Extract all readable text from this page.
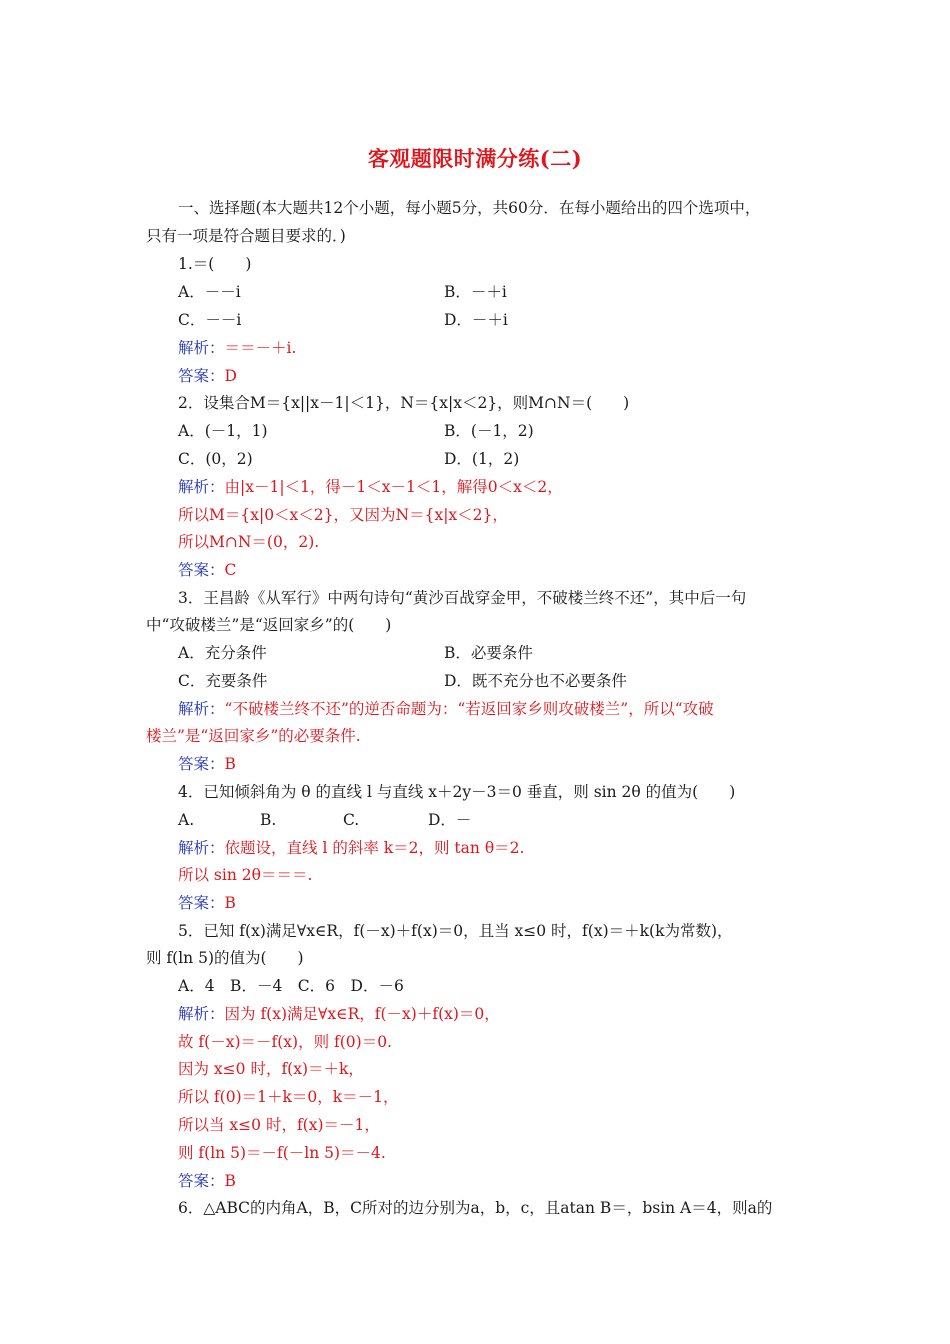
客观题限时满分练(二)
一、选择题(本大题共12个小题，每小题5分，共60分．在每小题给出的四个选项中，
只有一项是符合题目要求的．)
1.＝(　　)
A．－－i	B．－＋i
C．－－i	D．－＋i
解析：＝＝－＋i.
答案：D
2．设集合M＝{x||x－1|＜1}，N＝{x|x＜2}，则M∩N＝(　　)
A．(－1，1)	B．(－1，2)
C．(0，2)	D．(1，2)
解析：由|x－1|＜1，得－1＜x－1＜1，解得0＜x＜2，
所以M＝{x|0＜x＜2}，又因为N＝{x|x＜2}，
所以M∩N＝(0，2).
答案：C
3．王昌龄《从军行》中两句诗句“黄沙百战穿金甲，不破楼兰终不还”，其中后一句
中“攻破楼兰”是“返回家乡”的(　　)
A．充分条件	B．必要条件
C．充要条件	D．既不充分也不必要条件
解析：“不破楼兰终不还”的逆否命题为：“若返回家乡则攻破楼兰”，所以“攻破
楼兰”是“返回家乡”的必要条件.
答案：B
4．已知倾斜角为 θ 的直线 l 与直线 x＋2y－3＝0 垂直，则 sin 2θ 的值为(　　)
A.	B.	C.	D．－
解析：依题设，直线 l 的斜率 k＝2，则 tan θ＝2.
所以 sin 2θ＝＝＝.
答案：B
5．已知 f(x)满足∀x∈R，f(－x)＋f(x)＝0，且当 x≤0 时，f(x)＝＋k(k为常数)，
则 f(ln 5)的值为(　　)
A．4　B．－4　C．6　D．－6
解析：因为 f(x)满足∀x∈R，f(－x)＋f(x)＝0，
故 f(－x)＝－f(x)，则 f(0)＝0.
因为 x≤0 时，f(x)＝＋k，
所以 f(0)＝1＋k＝0，k＝－1，
所以当 x≤0 时，f(x)＝－1，
则 f(ln 5)＝－f(－ln 5)＝－4.
答案：B
6．△ABC的内角A，B，C所对的边分别为a，b，c，且atan B＝，bsin A＝4，则a的
